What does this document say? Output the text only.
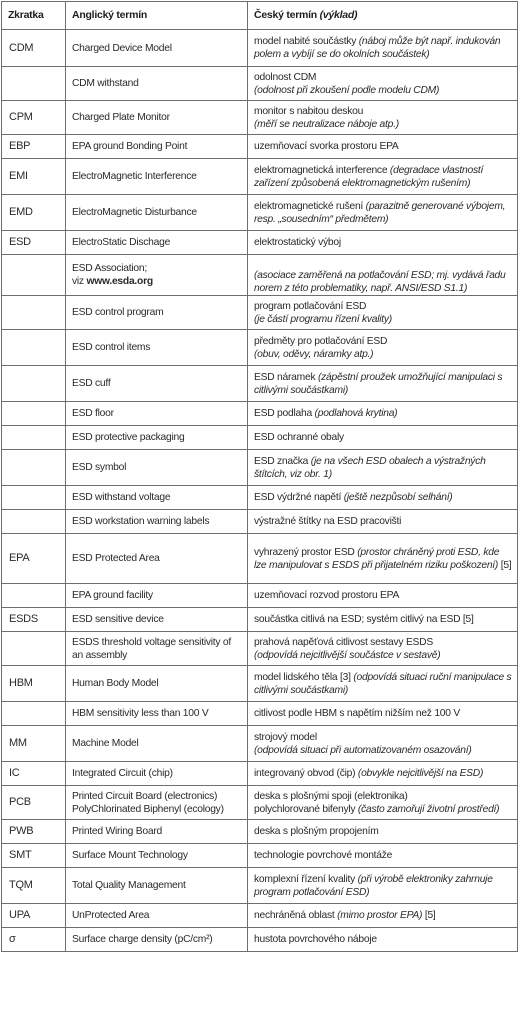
Zkratka	Anglický termín	Český termín (výklad)
CDM	Charged Device Model	model nabité součástky (náboj může být např. indukován polem a vybíjí se do okolních součástek)
	CDM withstand	odolnost CDM
(odolnost při zkoušení podle modelu CDM)
CPM	Charged Plate Monitor	monitor s nabitou deskou
(měří se neutralizace náboje atp.)
EBP	EPA ground Bonding Point	uzemňovací svorka prostoru EPA
EMI	ElectroMagnetic Interference	elektromagnetická interference (degradace vlastností zařízení způsobená elektromagnetickým rušením)
EMD	ElectroMagnetic Disturbance	elektromagnetické rušení (parazitně generované výbojem, resp. „sousedním“ předmětem)
ESD	ElectroStatic Dischage	elektrostatický výboj
	ESD Association;
viz www.esda.org	(asociace zaměřená na potlačování ESD; mj. vydává řadu norem z této problematiky, např. ANSI/ESD S1.1)
	ESD control program	program potlačování ESD
(je částí programu řízení kvality)
	ESD control items	předměty pro potlačování ESD
(obuv, oděvy, náramky atp.)
	ESD cuff	ESD náramek (zápěstní proužek umožňující manipulaci s citlivými součástkami)
	ESD floor	ESD podlaha (podlahová krytina)
	ESD protective packaging	ESD ochranné obaly
	ESD symbol	ESD značka (je na všech ESD obalech a výstražných štítcích, viz obr. 1)
	ESD withstand voltage	ESD výdržné napětí (ještě nezpůsobí selhání)
	ESD workstation warning labels	výstražné štítky na ESD pracovišti
EPA	ESD Protected Area	vyhrazený prostor ESD (prostor chráněný proti ESD, kde lze manipulovat s ESDS při přijatelném riziku poškození) [5]
	EPA ground facility	uzemňovací rozvod prostoru EPA
ESDS	ESD sensitive device	součástka citlivá na ESD; systém citlivý na ESD [5]
	ESDS threshold voltage sensitivity of an assembly	prahová napěťová citlivost sestavy ESDS
(odpovídá nejcitlivější součástce v sestavě)
HBM	Human Body Model	model lidského těla [3] (odpovídá situaci ruční manipulace s citlivými součástkami)
	HBM sensitivity less than 100 V	citlivost podle HBM s napětím nižším než 100 V
MM	Machine Model	strojový model
(odpovídá situaci při automatizovaném osazování)
IC	Integrated Circuit (chip)	integrovaný obvod (čip) (obvykle nejcitlivější na ESD)
PCB	Printed Circuit Board (electronics)
PolyChlorinated Biphenyl (ecology)	deska s plošnými spoji (elektronika)
polychlorované bifenyly (často zamořují životní prostředí)
PWB	Printed Wiring Board	deska s plošným propojením
SMT	Surface Mount Technology	technologie povrchové montáže
TQM	Total Quality Management	komplexní řízení kvality (při výrobě elektroniky zahrnuje program potlačování ESD)
UPA	UnProtected Area	nechráněná oblast (mimo prostor EPA) [5]
σ	Surface charge density (pC/cm²)	hustota povrchového náboje
